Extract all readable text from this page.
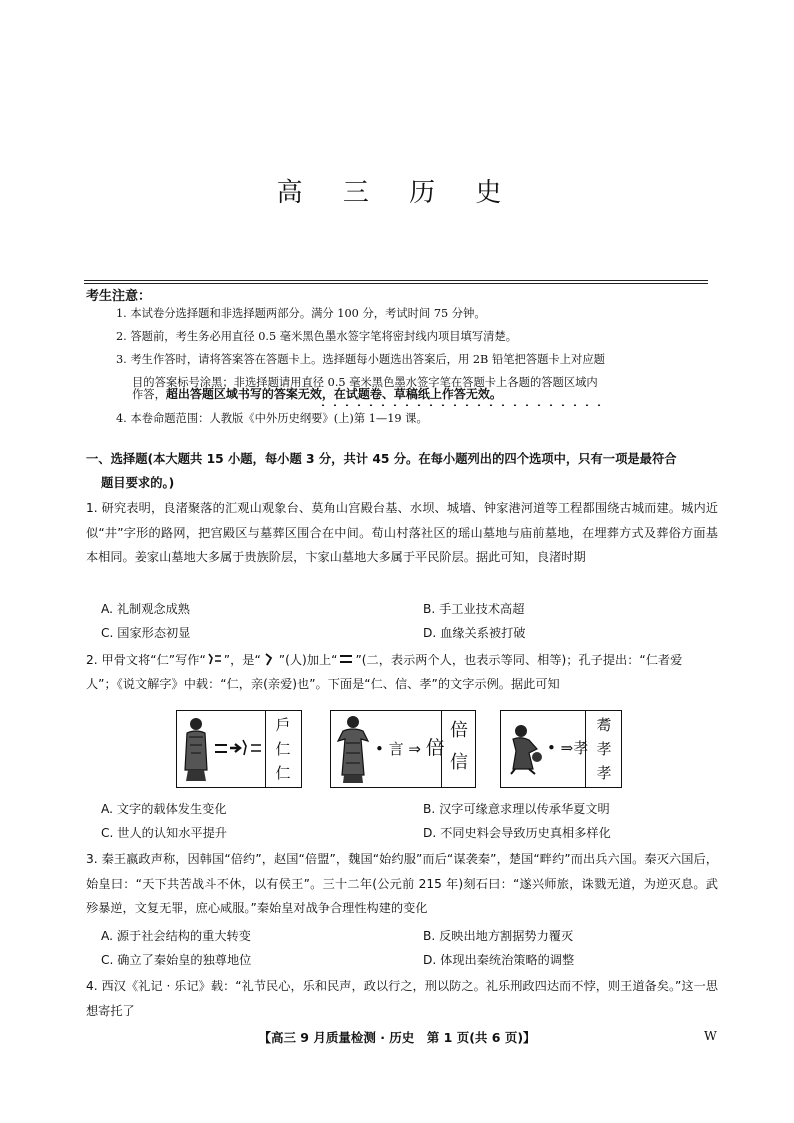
高 三 历 史
考生注意：
1. 本试卷分选择题和非选择题两部分。满分 100 分，考试时间 75 分钟。
2. 答题前，考生务必用直径 0.5 毫米黑色墨水签字笔将密封线内项目填写清楚。
3. 考生作答时，请将答案答在答题卡上。选择题每小题选出答案后，用 2B 铅笔把答题卡上对应题
目的答案标号涂黑；非选择题请用直径 0.5 毫米黑色墨水签字笔在答题卡上各题的答题区域内
作答，超出答题区域书写的答案无效，在试题卷、草稿纸上作答无效。
4. 本卷命题范围：人教版《中外历史纲要》(上)第 1—19 课。
一、选择题(本大题共 15 小题，每小题 3 分，共计 45 分。在每小题列出的四个选项中，只有一项是最符合
题目要求的。)
1. 研究表明，良渚聚落的汇观山观象台、莫角山宫殿台基、水坝、城墙、钟家港河道等工程都围绕古城而建。城内近似“井”字形的路网，把宫殿区与墓葬区围合在中间。荀山村落社区的瑶山墓地与庙前墓地，在埋葬方式及葬俗方面基本相同。姜家山墓地大多属于贵族阶层，卞家山墓地大多属于平民阶层。据此可知，良渚时期
A. 礼制观念成熟	B. 手工业技术高超
C. 国家形态初显	D. 血缘关系被打破
2. 甲骨文将“仁”写作“ ”，是“ ”(人)加上“ ”(二，表示两个人，也表示等同、相等)；孔子提出：“仁者爱
人”；《说文解字》中载：“仁，亲(亲爱)也”。下面是“仁、信、孝”的文字示例。据此可知
戶
仁
仁
• 言 ⇒ 倍
倍
信
• ⇒孝
耈
孝
孝
A. 文字的载体发生变化	B. 汉字可缘意求理以传承华夏文明
C. 世人的认知水平提升	D. 不同史料会导致历史真相多样化
3. 秦王嬴政声称，因韩国“倍约”，赵国“倍盟”，魏国“始约服”而后“谋袭秦”，楚国“畔约”而出兵六国。秦灭六国后，始皇曰：“天下共苦战斗不休，以有侯王”。三十二年(公元前 215 年)刻石曰：“遂兴师旅，诛戮无道，为逆灭息。武殄暴逆，文复无罪，庶心咸服。”秦始皇对战争合理性构建的变化
A. 源于社会结构的重大转变	B. 反映出地方割据势力覆灭
C. 确立了秦始皇的独尊地位	D. 体现出秦统治策略的调整
4. 西汉《礼记 · 乐记》载：“礼节民心，乐和民声，政以行之，刑以防之。礼乐刑政四达而不悖，则王道备矣。”这一思想寄托了
【高三 9 月质量检测 · 历史　第 1 页(共 6 页)】	W
